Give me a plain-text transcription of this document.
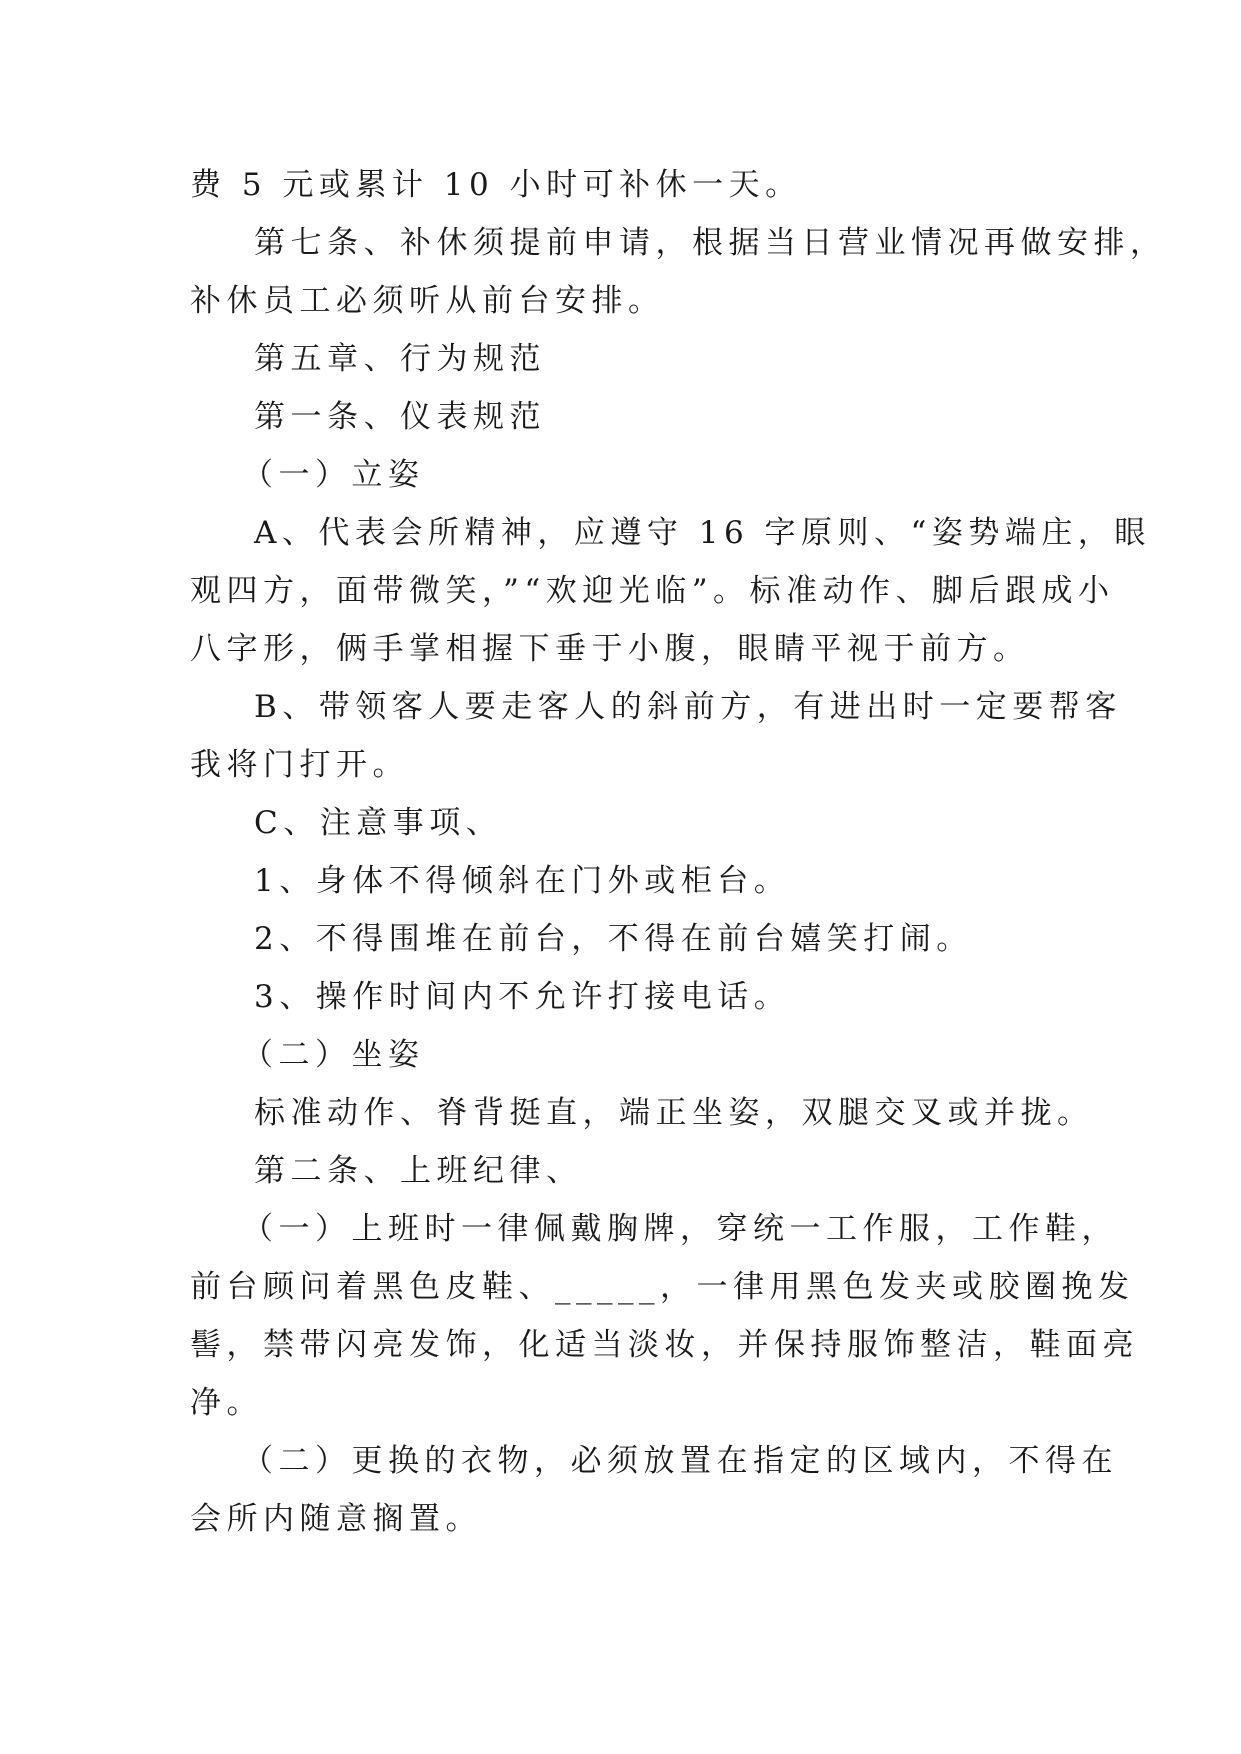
费 5 元或累计 10 小时可补休一天。

第七条、补休须提前申请，根据当日营业情况再做安排，

补休员工必须听从前台安排。

第五章、行为规范

第一条、仪表规范

（一）立姿

A、代表会所精神，应遵守 16 字原则、“姿势端庄，眼

观四方，面带微笑，”“欢迎光临”。标准动作、脚后跟成小

八字形，俩手掌相握下垂于小腹，眼睛平视于前方。

B、带领客人要走客人的斜前方，有进出时一定要帮客

我将门打开。

C、注意事项、

1、身体不得倾斜在门外或柜台。

2、不得围堆在前台，不得在前台嬉笑打闹。

3、操作时间内不允许打接电话。

（二）坐姿

标准动作、脊背挺直，端正坐姿，双腿交叉或并拢。

第二条、上班纪律、

（一）上班时一律佩戴胸牌，穿统一工作服，工作鞋，

前台顾问着黑色皮鞋、_____，一律用黑色发夹或胶圈挽发

髻，禁带闪亮发饰，化适当淡妆，并保持服饰整洁，鞋面亮

净。

（二）更换的衣物，必须放置在指定的区域内，不得在

会所内随意搁置。
